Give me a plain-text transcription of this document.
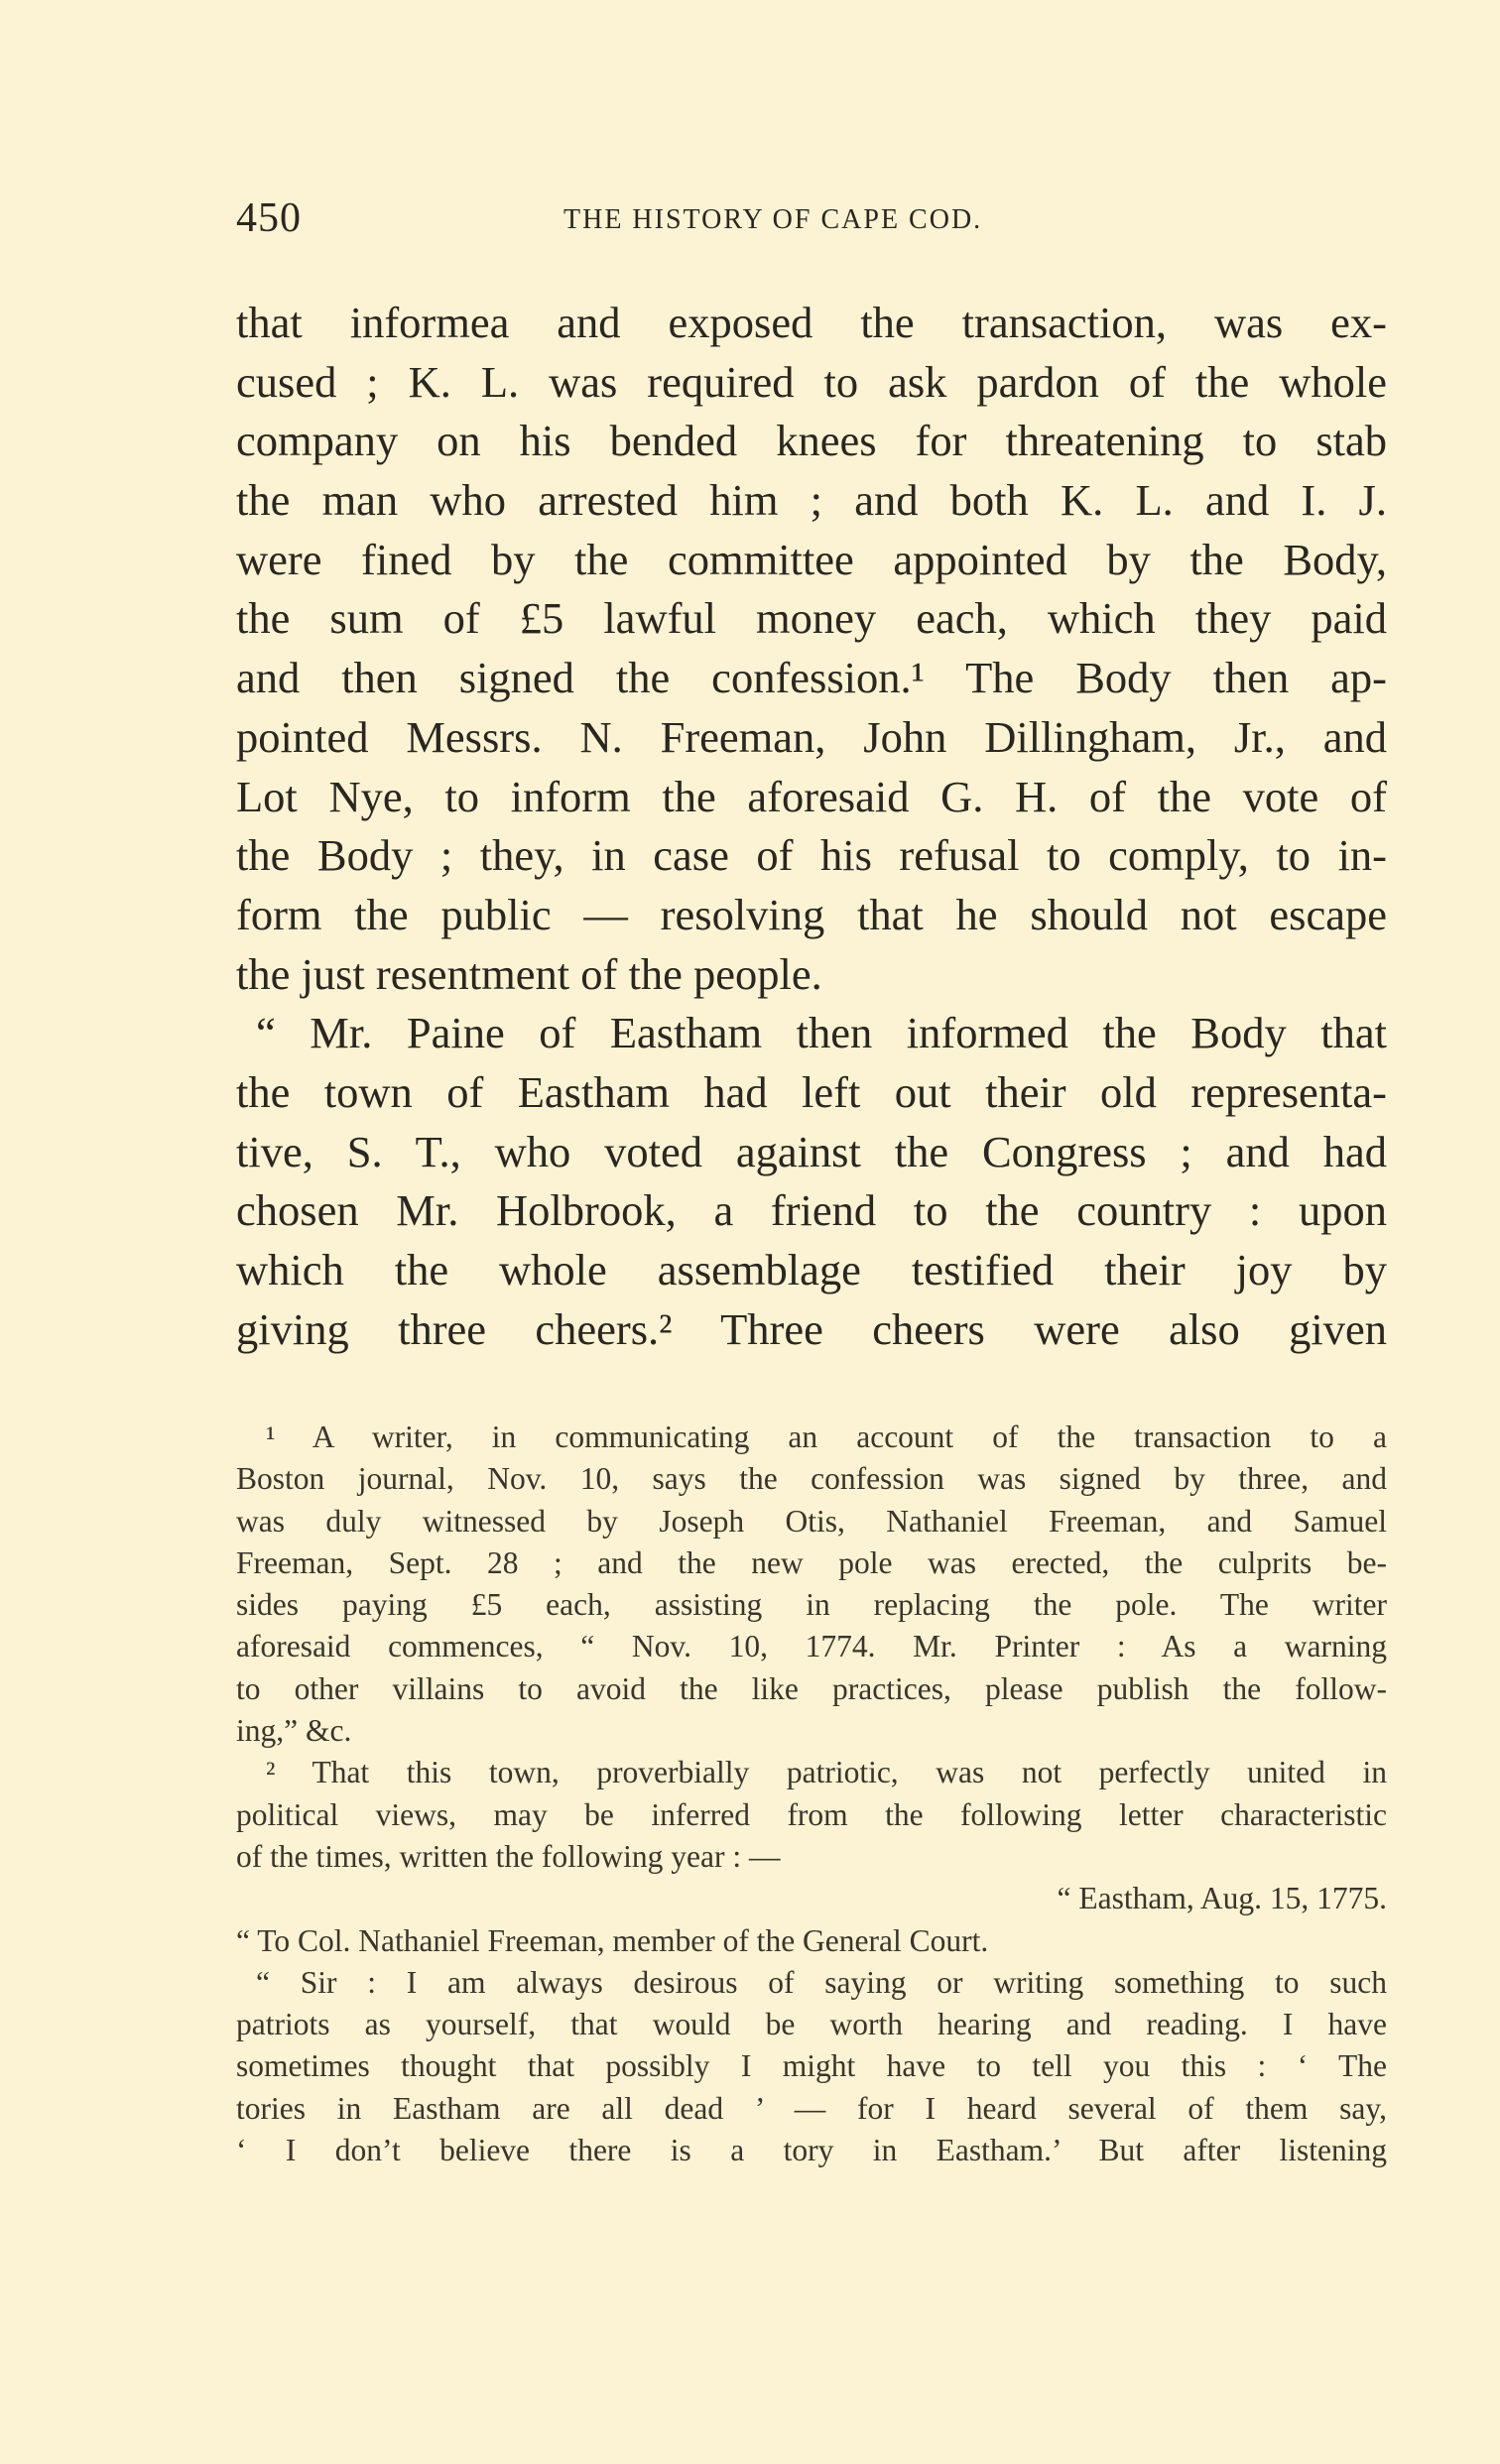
450	THE HISTORY OF CAPE COD.
that informea and exposed the transaction, was ex-
cused ; K. L. was required to ask pardon of the whole
company on his bended knees for threatening to stab
the man who arrested him ; and both K. L. and I. J.
were fined by the committee appointed by the Body,
the sum of £5 lawful money each, which they paid
and then signed the confession.¹ The Body then ap-
pointed Messrs. N. Freeman, John Dillingham, Jr., and
Lot Nye, to inform the aforesaid G. H. of the vote of
the Body ; they, in case of his refusal to comply, to in-
form the public — resolving that he should not escape
the just resentment of the people.
“ Mr. Paine of Eastham then informed the Body that
the town of Eastham had left out their old representa-
tive, S. T., who voted against the Congress ; and had
chosen Mr. Holbrook, a friend to the country : upon
which the whole assemblage testified their joy by
giving three cheers.² Three cheers were also given
¹ A writer, in communicating an account of the transaction to a
Boston journal, Nov. 10, says the confession was signed by three, and
was duly witnessed by Joseph Otis, Nathaniel Freeman, and Samuel
Freeman, Sept. 28 ; and the new pole was erected, the culprits be-
sides paying £5 each, assisting in replacing the pole. The writer
aforesaid commences, “ Nov. 10, 1774. Mr. Printer : As a warning
to other villains to avoid the like practices, please publish the follow-
ing,” &c.
² That this town, proverbially patriotic, was not perfectly united in
political views, may be inferred from the following letter characteristic
of the times, written the following year : —
“ Eastham, Aug. 15, 1775.
“ To Col. Nathaniel Freeman, member of the General Court.
“ Sir : I am always desirous of saying or writing something to such
patriots as yourself, that would be worth hearing and reading. I have
sometimes thought that possibly I might have to tell you this : ‘ The
tories in Eastham are all dead ’ — for I heard several of them say,
‘ I don’t believe there is a tory in Eastham.’ But after listening
